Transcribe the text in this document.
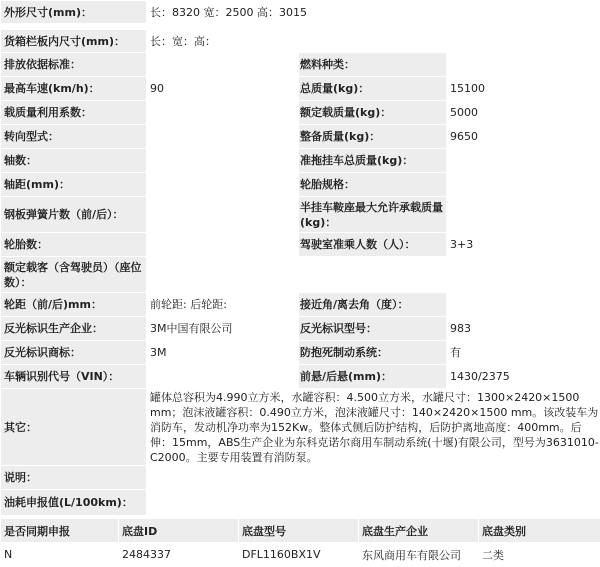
外形尺寸(mm)：	长：8320 宽：2500 高：3015		

货箱栏板内尺寸(mm)：	长：宽：高：		
排放依据标准：		燃料种类：	
最高车速(km/h)：	90	总质量(kg)：	15100
载质量利用系数：		额定载质量(kg)：	5000
转向型式：		整备质量(kg)：	9650
轴数：		准拖挂车总质量(kg)：	
轴距(mm)：		轮胎规格：	
钢板弹簧片数（前/后）：		半挂车鞍座最大允许承载质量(kg)：	
轮胎数：		驾驶室准乘人数（人）：	3+3
额定载客（含驾驶员）（座位数）：			
轮距（前/后)mm：	前轮距: 后轮距:	接近角/离去角（度）：	
反光标识生产企业：	3M中国有限公司	反光标识型号：	983
反光标识商标：	3M	防抱死制动系统：	有
车辆识别代号（VIN）：		前悬/后悬(mm)：	1430/2375
其它：	罐体总容积为4.990立方米，水罐容积：4.500立方米，水罐尺寸：1300×2420×1500 mm；泡沫液罐容积：0.490立方米，泡沫液罐尺寸：140×2420×1500 mm。该改装车为消防车，发动机净功率为152Kw。整体式侧后防护结构，后防护离地高度：400mm。后伸：15mm，ABS生产企业为东科克诺尔商用车制动系统(十堰)有限公司，型号为3631010-C2000。主要专用装置有消防泵。		
说明：			
油耗申报值(L/100km)：			
是否同期申报	底盘ID	底盘型号	底盘生产企业	底盘类别
N	2484337	DFL1160BX1V	东风商用车有限公司	二类
